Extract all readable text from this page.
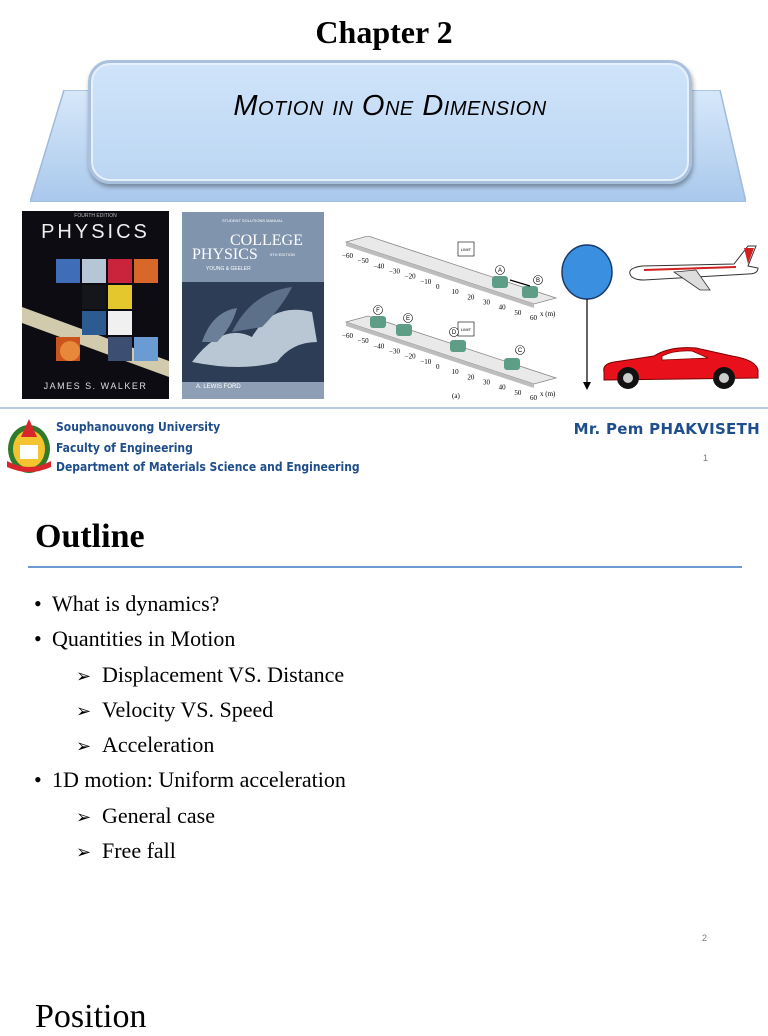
Chapter 2
Motion in One Dimension
FOURTH EDITION
PHYSICS
JAMES S. WALKER
STUDENT SOLUTIONS MANUAL
COLLEGE
PHYSICS	9TH EDITION
YOUNG & GEELER
A. LEWIS FORD
LIMIT
LIMIT
−60
−50
−40
−30
−20
−10
0
10
20
30
40
50
60
−60
−50
−40
−30
−20
−10
0
10
20
30
40
50
60
A
B
F
E
D
C
x (m)
x (m)
(a)
Souphanouvong University
Faculty of Engineering
Department of Materials Science and Engineering
Mr. Pem PHAKVISETH
1
Outline
• What is dynamics?
• Quantities in Motion
➢ Displacement VS. Distance
➢ Velocity VS. Speed
➢ Acceleration
• 1D motion: Uniform acceleration
➢ General case
➢ Free fall
2
Position
